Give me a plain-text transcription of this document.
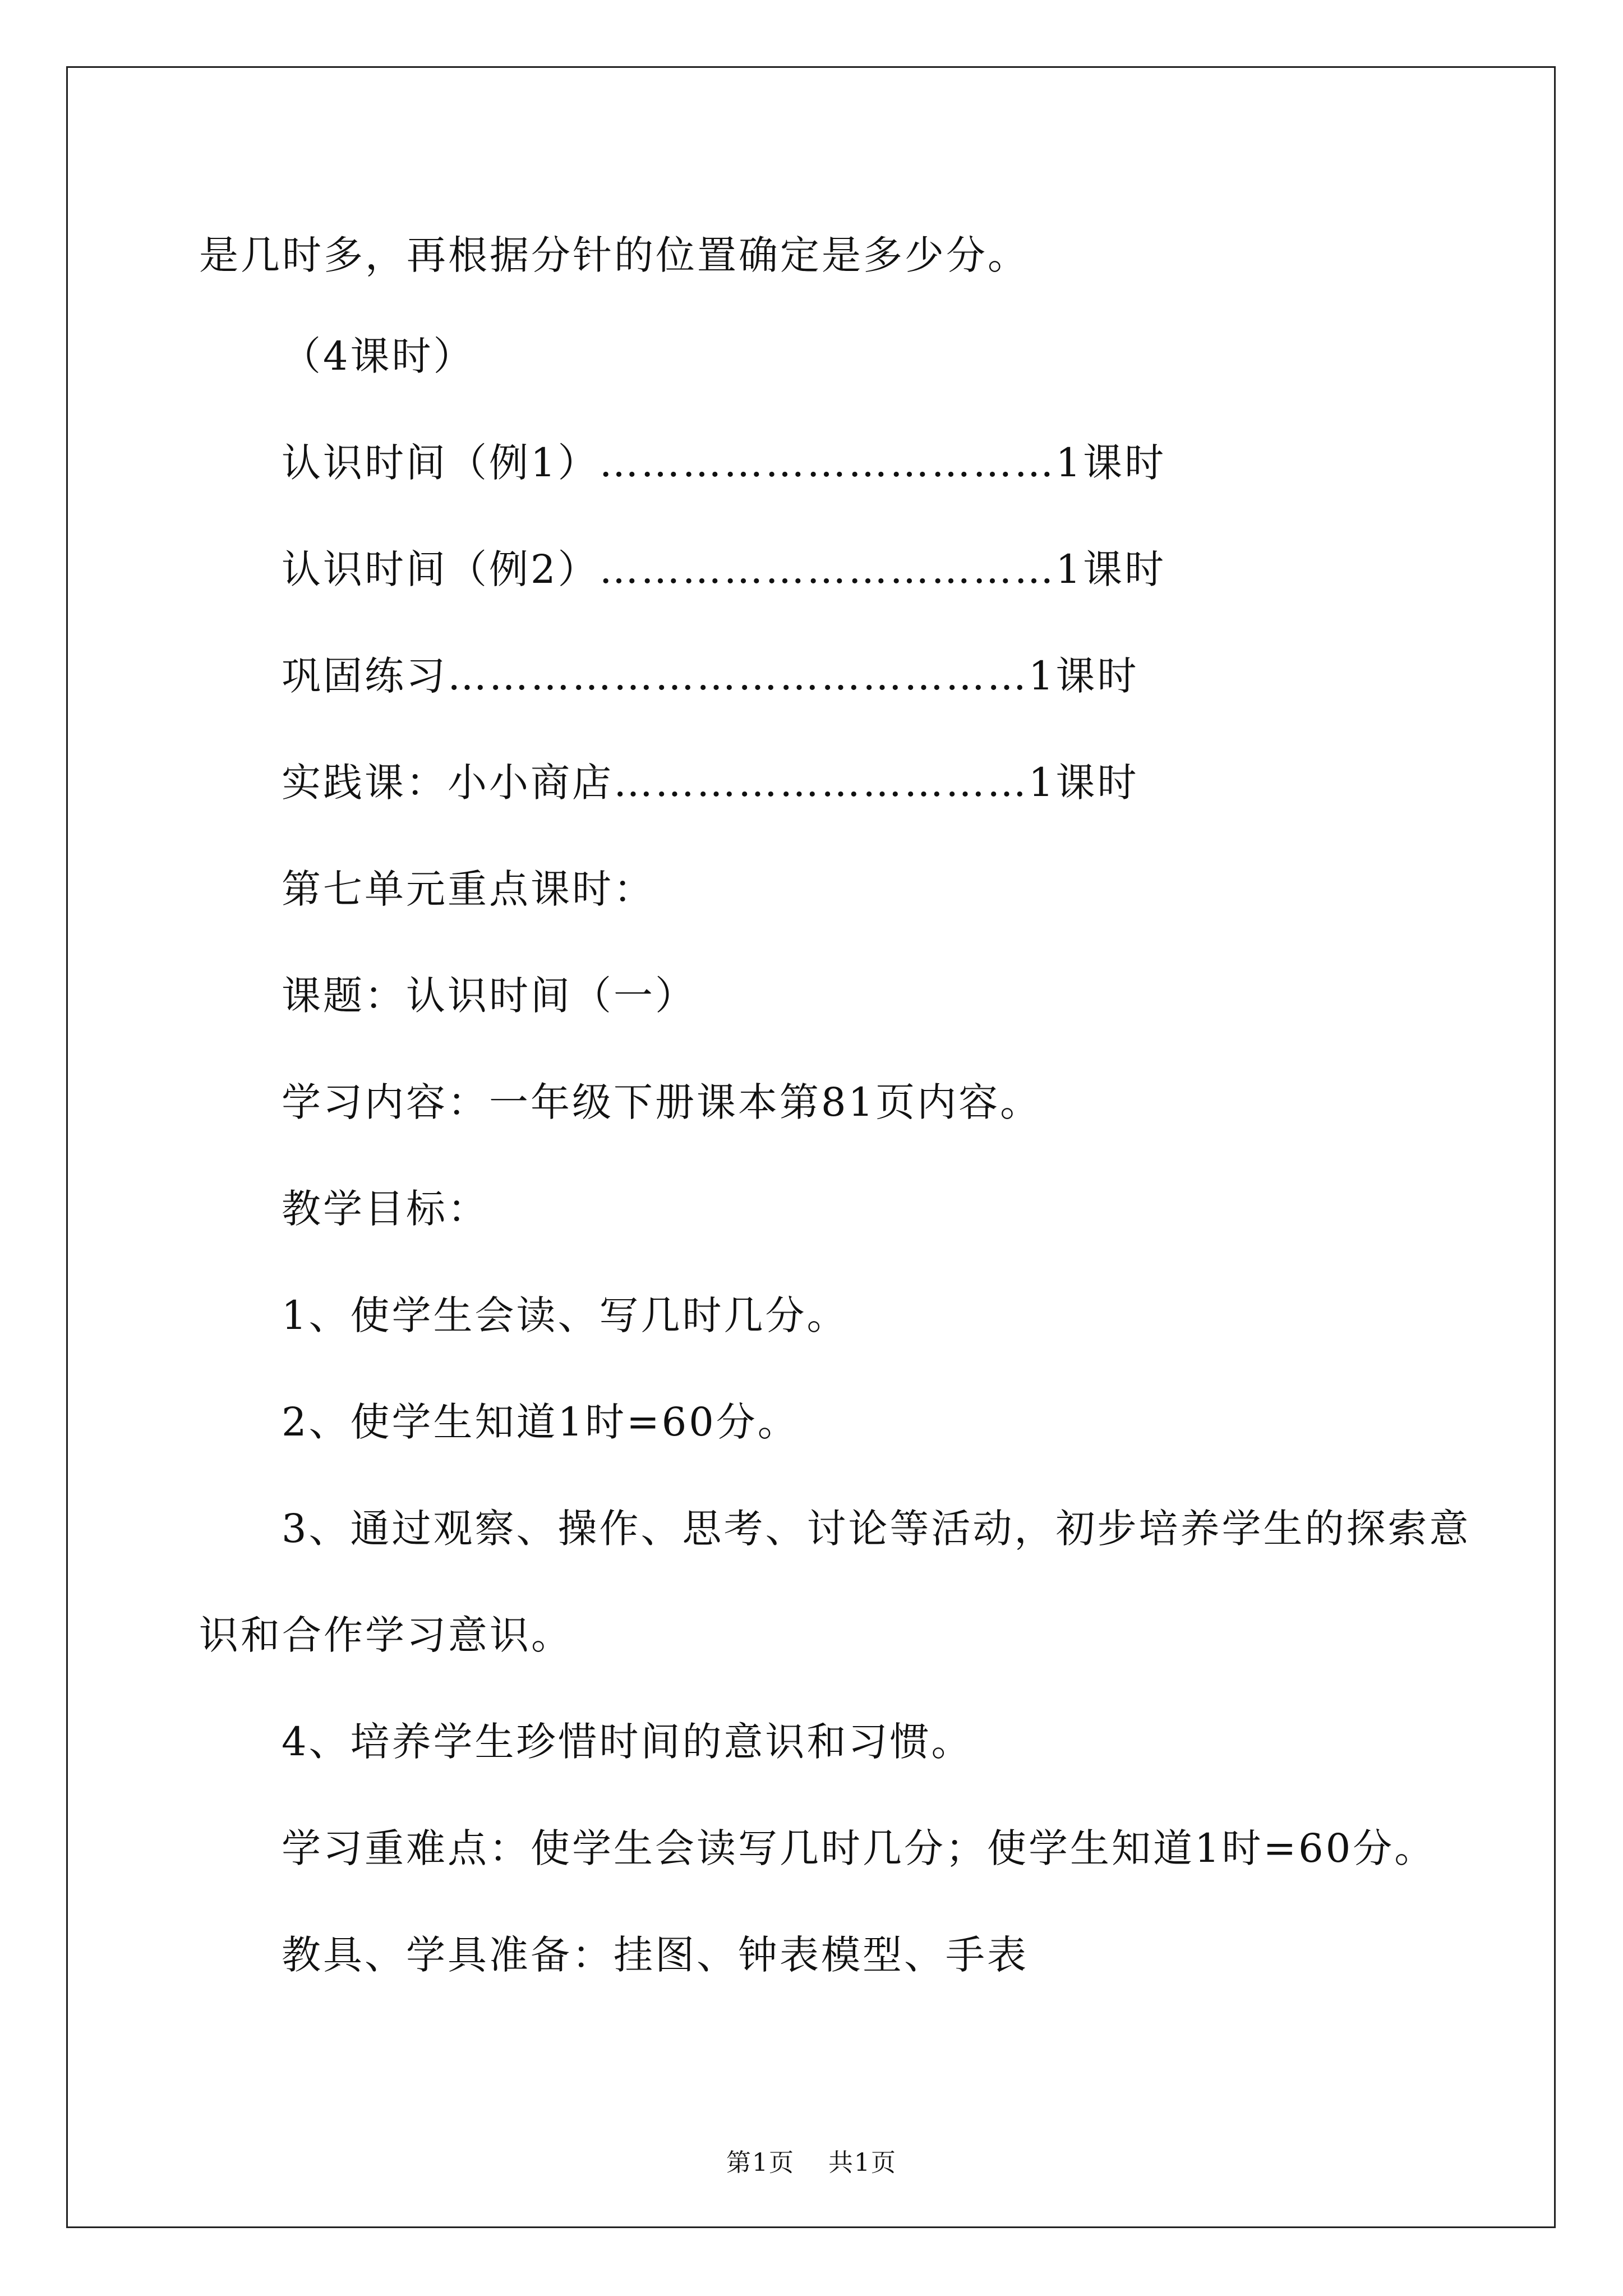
是几时多，再根据分针的位置确定是多少分。
（4课时）
认识时间（例1）……………………………1课时
认识时间（例2）……………………………1课时
巩固练习……………………………………1课时
实践课：小小商店…………………………1课时
第七单元重点课时：
课题：认识时间（一）
学习内容：一年级下册课本第81页内容。
教学目标：
1、使学生会读、写几时几分。
2、使学生知道1时=60分。
3、通过观察、操作、思考、讨论等活动，初步培养学生的探索意
识和合作学习意识。
4、培养学生珍惜时间的意识和习惯。
学习重难点：使学生会读写几时几分；使学生知道1时=60分。
教具、学具准备：挂图、钟表模型、手表
第1页 共1页
